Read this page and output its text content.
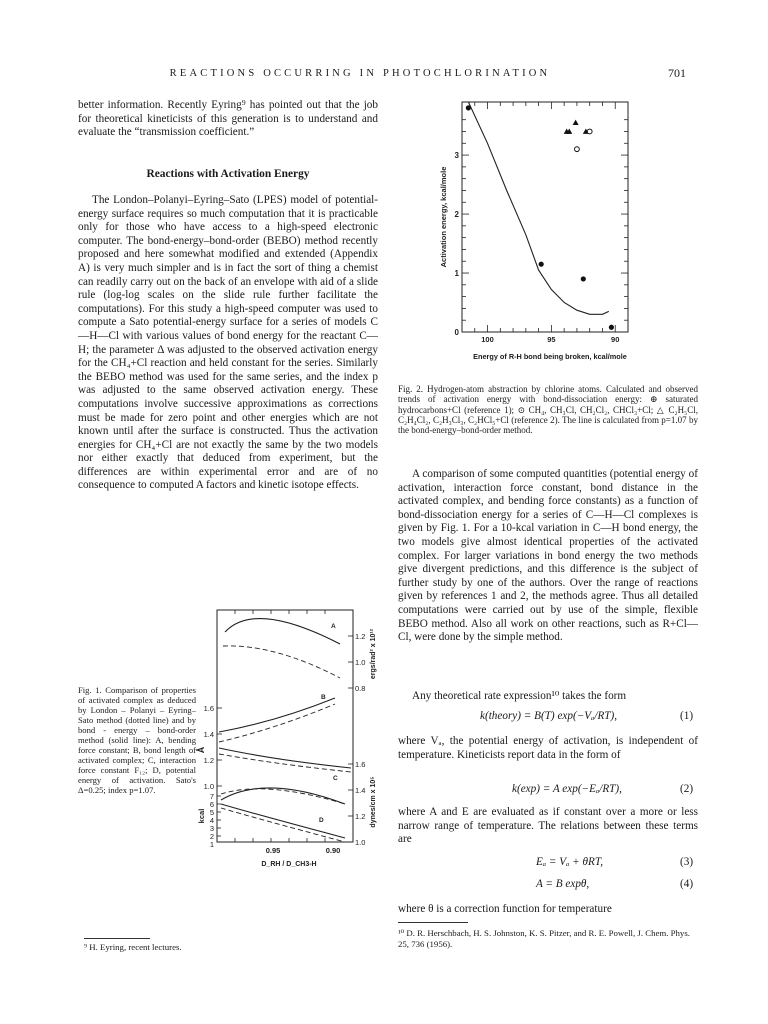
REACTIONS OCCURRING IN PHOTOCHLORINATION	701

better information. Recently Eyring⁹ has pointed out that the job for theoretical kineticists of this generation is to understand and evaluate the “transmission coefficient.”

Reactions with Activation Energy

The London–Polanyi–Eyring–Sato (LPES) model of potential-energy surface requires so much computation that it is practicable only for those who have access to a high-speed electronic computer. The bond-energy–bond-order (BEBO) method recently proposed and here somewhat modified and extended (Appendix A) is very much simpler and is in fact the sort of thing a chemist can readily carry out on the back of an envelope with aid of a slide rule (log-log scales on the slide rule further facilitate the computations). For this study a high-speed computer was used to compute a Sato potential-energy surface for a series of models C—H—Cl with various values of bond energy for the reactant C—H; the parameter Δ was adjusted to the observed activation energy for the CH₄+Cl reaction and held constant for the series. Similarly the BEBO method was used for the same series, and the index p was adjusted to the same observed activation energy. These computations involve successive approximations as corrections must be made for zero point and other energies which are not known until after the surface is constructed. Thus the activation energies for CH₄+Cl are not exactly the same by the two models nor either exactly that deduced from experiment, but the differences are within experimental error and are of no consequence to computed A factors and kinetic isotope effects.

1.6
1.4
1.2
1.0
7
6
5
4
3
2
1
1.2
1.0
0.8
1.6
1.4
1.2
1.0
ergs/rad² x 10¹²
dynes/cm x 10⁵
Å
kcal
A
B
C
D
0.95	0.90
D_RH / D_CH3-H
Fig. 1. Comparison of properties of activated complex as deduced by London – Polanyi – Eyring–Sato method (dotted line) and by bond - energy – bond-order method (solid line): A, bending force constant; B, bond length of activated complex; C, interaction force constant F₁₂; D, potential energy of activation. Sato's Δ=0.25; index p=1.07.
⁹ H. Eyring, recent lectures.
0
1
2
3
100	95	90
Activation energy, kcal/mole
Energy of R-H bond being broken, kcal/mole
Fig. 2. Hydrogen-atom abstraction by chlorine atoms. Calculated and observed trends of activation energy with bond-dissociation energy: ⊕ saturated hydrocarbons+Cl (reference 1); ⊙ CH₄, CH₃Cl, CH₂Cl₂, CHCl₃+Cl; △ C₂H₅Cl, C₂H₄Cl₂, C₂H₃Cl₃, C₂HCl₅+Cl (reference 2). The line is calculated from p=1.07 by the bond-energy–bond-order method.

A comparison of some computed quantities (potential energy of activation, interaction force constant, bond distance in the activated complex, and bending force constants) as a function of bond-dissociation energy for a series of C—H—Cl complexes is given by Fig. 1. For a 10-kcal variation in C—H bond energy, the two models give almost identical properties of the activated complex. For larger variations in bond energy the two methods give divergent predictions, and this difference is the subject of further study by one of the authors. Over the range of reactions given by references 1 and 2, the methods agree. Thus all detailed computations were carried out by use of the simple, flexible BEBO method. Also all work on other reactions, such as R+Cl—Cl, were done by the simple method.

Any theoretical rate expression¹⁰ takes the form

k(theory) = B(T) exp(−Vₐ/RT),	(1)

where Vₐ, the potential energy of activation, is independent of temperature. Kineticists report data in the form of

k(exp) = A exp(−Eₐ/RT),	(2)

where A and E are evaluated as if constant over a more or less narrow range of temperature. The relations between these terms are

Eₐ = Vₐ + θRT,	(3)
A = B expθ,	(4)

where θ is a correction function for temperature

¹⁰ D. R. Herschbach, H. S. Johnston, K. S. Pitzer, and R. E. Powell, J. Chem. Phys. 25, 736 (1956).
